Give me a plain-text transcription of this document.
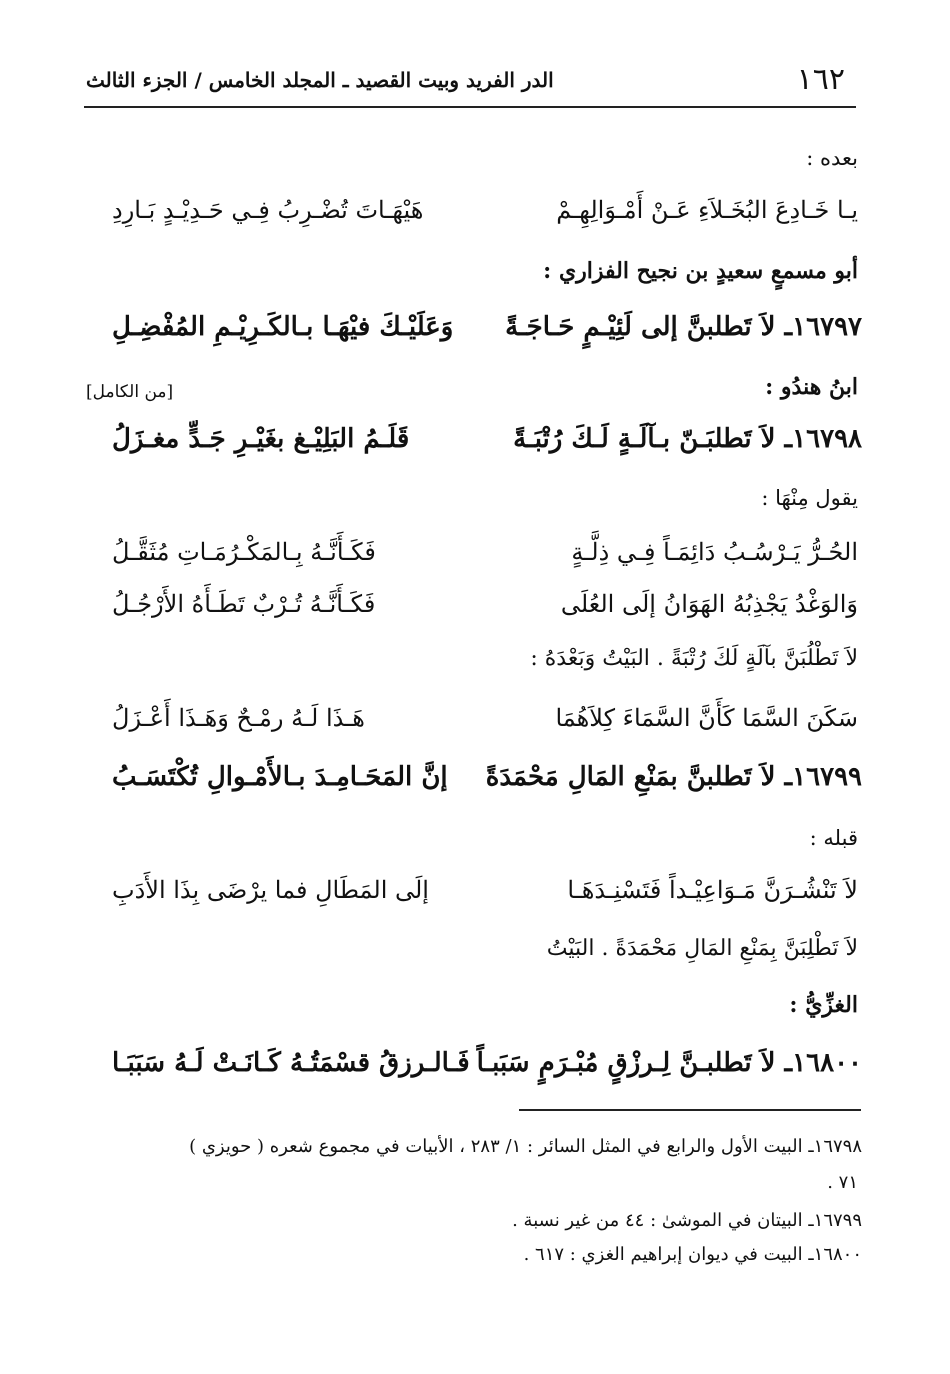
١٦٢
الدر الفريد وبيت القصيد ـ المجلد الخامس / الجزء الثالث
بعده :
يـا خَـادِعَ البُخَـلاَءِ عَـنْ أَمْـوَالِهِـمْ
هَيْهَـاتَ تُضْـرِبُ فِـي حَـدِيْـدٍ بَـارِدِ
أبو مسمعٍ سعيدٍ بن نجيح الفزاري :
١٦٧٩٧ـ لاَ تَطلبنَّ إلى لَئِيْـمٍ حَـاجَـةً
وَعَلَيْـكَ فيْهَـا بـالكَـرِيْـمِ المُفْضِـلِ
ابنُ هندُو :
[من الكامل]
١٦٧٩٨ـ لاَ تَطلبَـنّ بـآلَـةٍ لَـكَ رُتْبَـةً
قَلَـمُ البَلِيْـغ بغَيْـرِ جَـدٍّ مغـزَلُ
يقول مِنْهَا :
الحُـرُّ يَـرْسُـبُ دَائِمَـاً فِـي ذِلَّـةٍ
فَكَـأَنَّـهُ بِـالمَكْـرُمَـاتِ مُثَقَّـلُ
وَالوَغْدُ يَجْذِبُهُ الهَوَانُ إلَى العُلَى
فَكَـأَنَّـهُ تُـرْبٌ تَطَـأَهُ الأَرْجُـلُ
لاَ تَطْلُبَنَّ بآلَةٍ لَكَ رُتْبَةً . البَيْتُ وَبَعْدَهُ :
سَكَنَ السَّمَا كَأَنَّ السَّمَاءَ كِلاَهُمَا
هَـذَا لَـهُ رمْـحٌ وَهَـذَا أَعْـزَلُ
١٦٧٩٩ـ لاَ تَطلبنَّ بمَنْعِ المَالِ مَحْمَدَةً
إنَّ المَحَـامِـدَ بـالأَمْـوالِ تُكْتَسَـبُ
قبله :
لاَ تَنْشُـرَنَّ مَـوَاعِيْـداً فَتَسْنِـدَهَـا
إلَى المَطَالِ فما يرْضَى بِذَا الأَدَبِ
لاَ تَطْلِبَنَّ بِمَنْعِ المَالِ مَحْمَدَةً . البَيْتُ
الغزِّيُّ :
١٦٨٠٠ـ لاَ تَطلبـنَّ لِـرزْقٍ مُبْـرَمٍ سَبَبـاً
فَـالـرزقُ قسْمَتُـهُ كَـانَـتْ لَـهُ سَبَبَـا
١٦٧٩٨ـ البيت الأول والرابع في المثل السائر : ١/ ٢٨٣ ، الأبيات في مجموع شعره ( حويزي )
٧١ .
١٦٧٩٩ـ البيتان في الموشىٰ : ٤٤ من غير نسبة .
١٦٨٠٠ـ البيت في ديوان إبراهيم الغزي : ٦١٧ .
